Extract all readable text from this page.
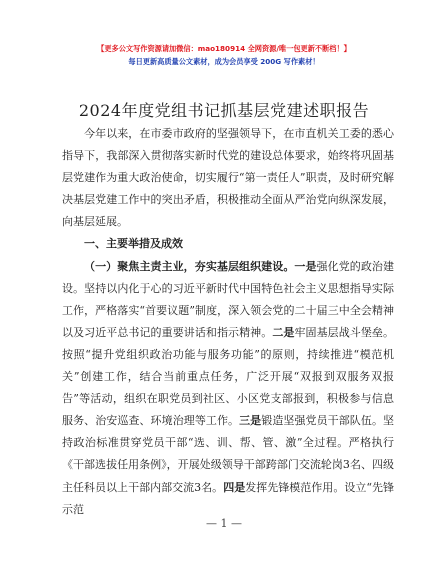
【更多公文写作资源请加微信：mao180914 全网资源/唯一包更新不断档！】
每日更新高质量公文素材，成为会员享受 200G 写作素材！
2024年度党组书记抓基层党建述职报告

今年以来，在市委市政府的坚强领导下，在市直机关工委的悉心指导下，我部深入贯彻落实新时代党的建设总体要求，始终将巩固基层党建作为重大政治使命，切实履行“第一责任人”职责，及时研究解决基层党建工作中的突出矛盾，积极推动全面从严治党向纵深发展，向基层延展。

一、主要举措及成效

（一）聚焦主责主业，夯实基层组织建设。一是强化党的政治建设。坚持以内化于心的习近平新时代中国特色社会主义思想指导实际工作，严格落实“首要议题”制度，深入领会党的二十届三中全会精神以及习近平总书记的重要讲话和指示精神。二是牢固基层战斗堡垒。按照“提升党组织政治功能与服务功能”的原则，持续推进“模范机关”创建工作，结合当前重点任务，广泛开展“双报到双服务双报告”等活动，组织在职党员到社区、小区党支部报到，积极参与信息服务、治安巡查、环境治理等工作。三是锻造坚强党员干部队伍。坚持政治标准贯穿党员干部“选、训、帮、管、激”全过程。严格执行《干部选拔任用条例》，开展处级领导干部跨部门交流轮岗3名、四级主任科员以上干部内部交流3名。四是发挥先锋模范作用。设立“先锋示范

— 1 —
